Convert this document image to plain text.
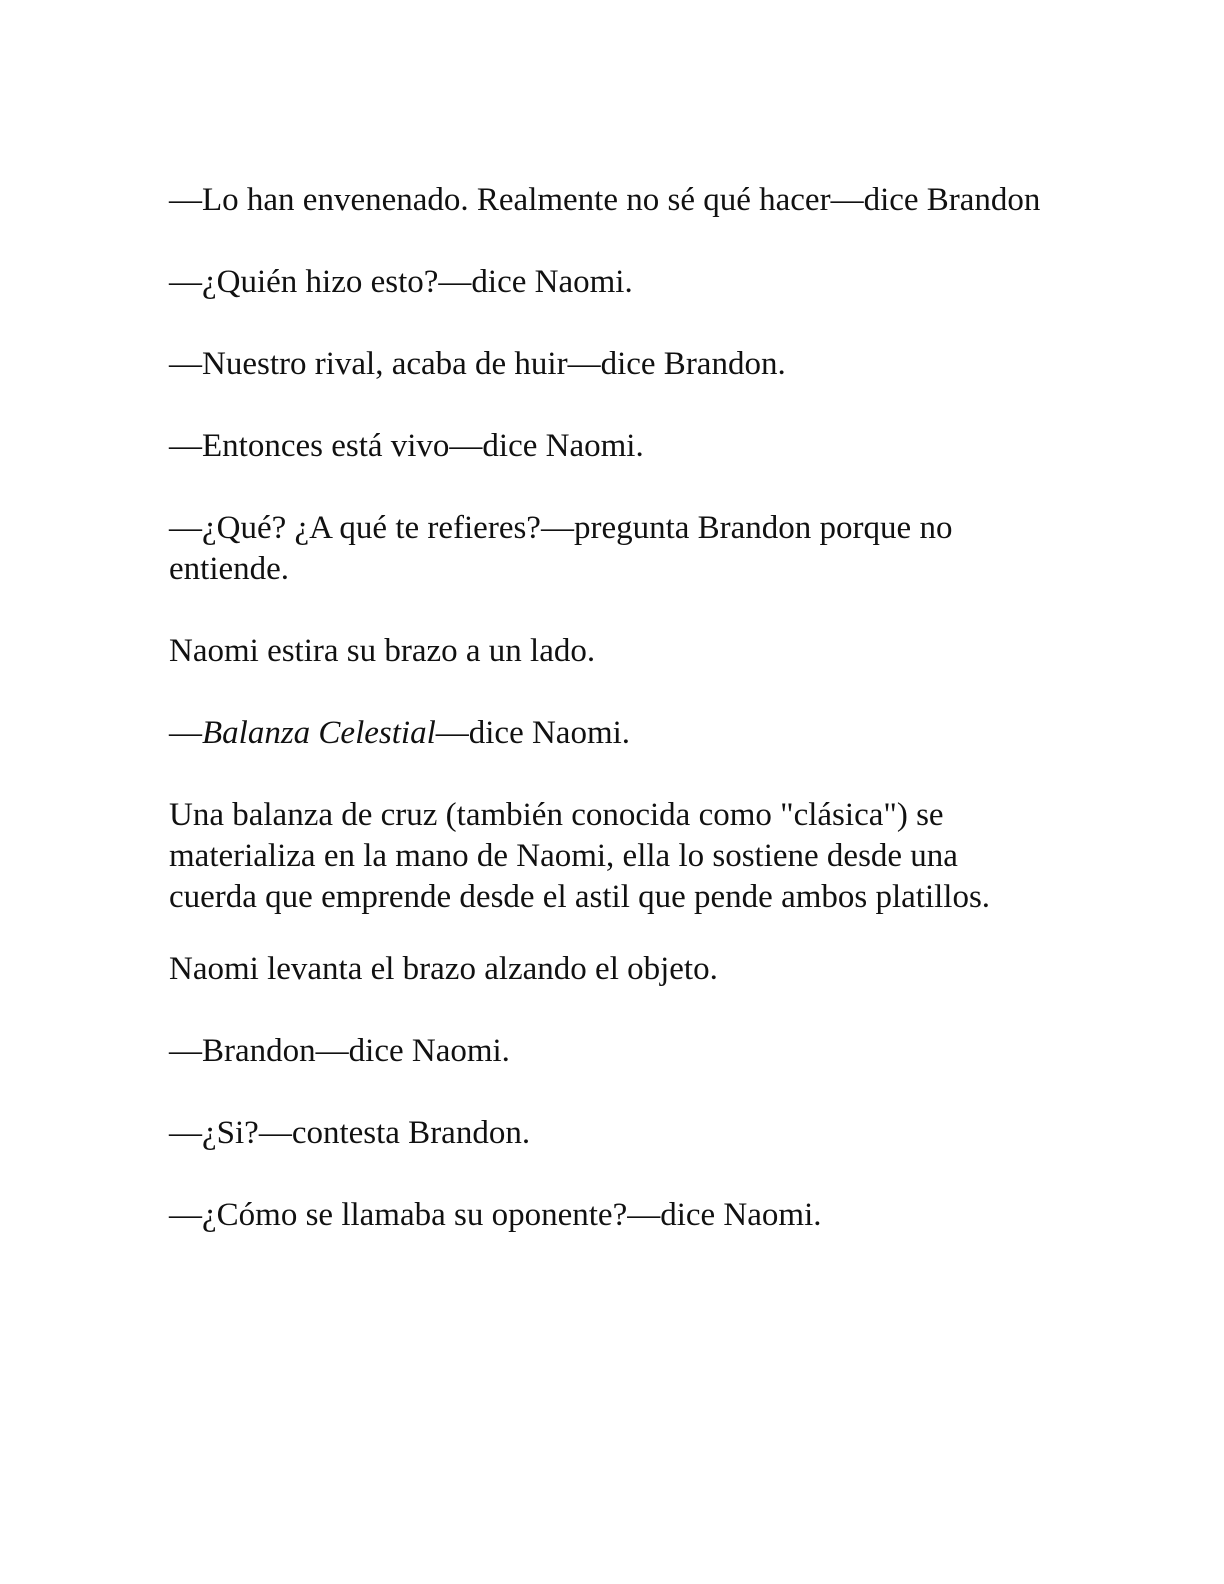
—Lo han envenenado. Realmente no sé qué hacer—dice Brandon

—¿Quién hizo esto?—dice Naomi.

—Nuestro rival, acaba de huir—dice Brandon.

—Entonces está vivo—dice Naomi.

—¿Qué? ¿A qué te refieres?—pregunta Brandon porque no entiende.

Naomi estira su brazo a un lado.

—Balanza Celestial—dice Naomi.

Una balanza de cruz (también conocida como "clásica") se materializa en la mano de Naomi, ella lo sostiene desde una cuerda que emprende desde el astil que pende ambos platillos.

Naomi levanta el brazo alzando el objeto.

—Brandon—dice Naomi.

—¿Si?—contesta Brandon.

—¿Cómo se llamaba su oponente?—dice Naomi.
